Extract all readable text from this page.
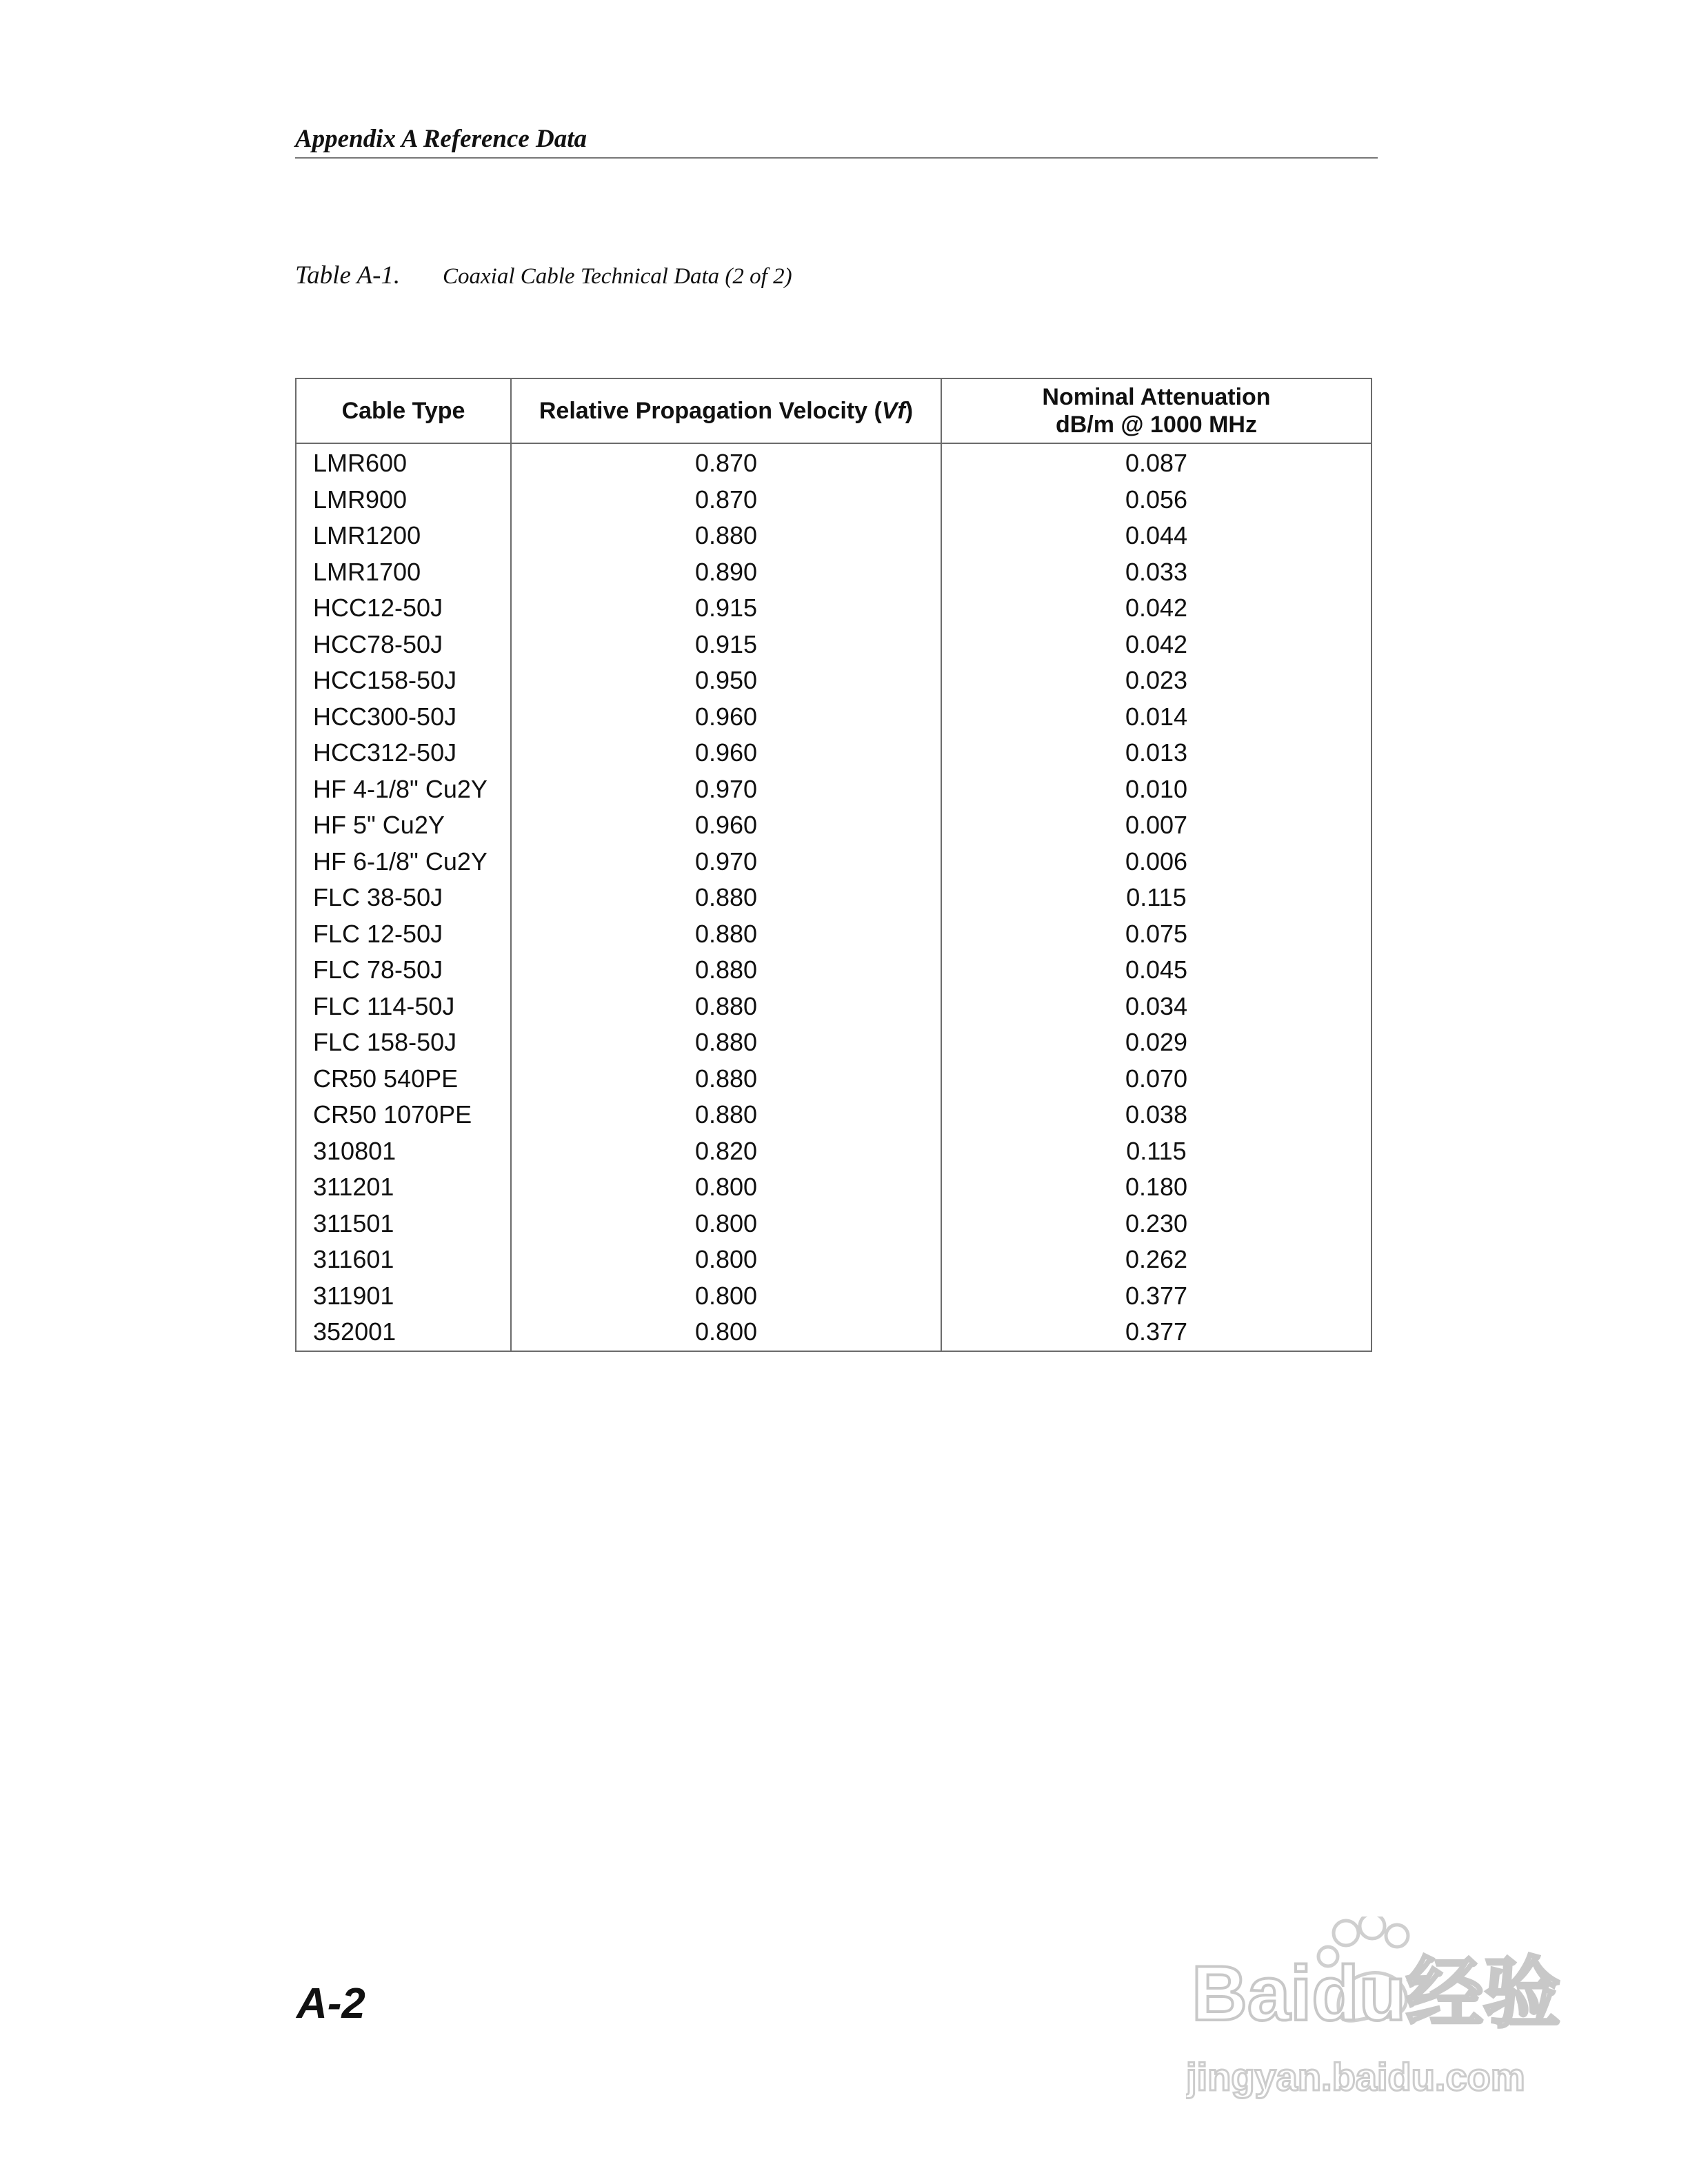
Appendix A Reference Data
Table A-1. Coaxial Cable Technical Data (2 of 2)
Cable Type	Relative Propagation Velocity (Vf)	Nominal Attenuation
dB/m @ 1000 MHz
LMR600	0.870	0.087
LMR900	0.870	0.056
LMR1200	0.880	0.044
LMR1700	0.890	0.033
HCC12-50J	0.915	0.042
HCC78-50J	0.915	0.042
HCC158-50J	0.950	0.023
HCC300-50J	0.960	0.014
HCC312-50J	0.960	0.013
HF 4-1/8" Cu2Y	0.970	0.010
HF 5" Cu2Y	0.960	0.007
HF 6-1/8" Cu2Y	0.970	0.006
FLC 38-50J	0.880	0.115
FLC 12-50J	0.880	0.075
FLC 78-50J	0.880	0.045
FLC 114-50J	0.880	0.034
FLC 158-50J	0.880	0.029
CR50 540PE	0.880	0.070
CR50 1070PE	0.880	0.038
310801	0.820	0.115
311201	0.800	0.180
311501	0.800	0.230
311601	0.800	0.262
311901	0.800	0.377
352001	0.800	0.377
A-2	Baidu经验
jingyan.baidu.com
